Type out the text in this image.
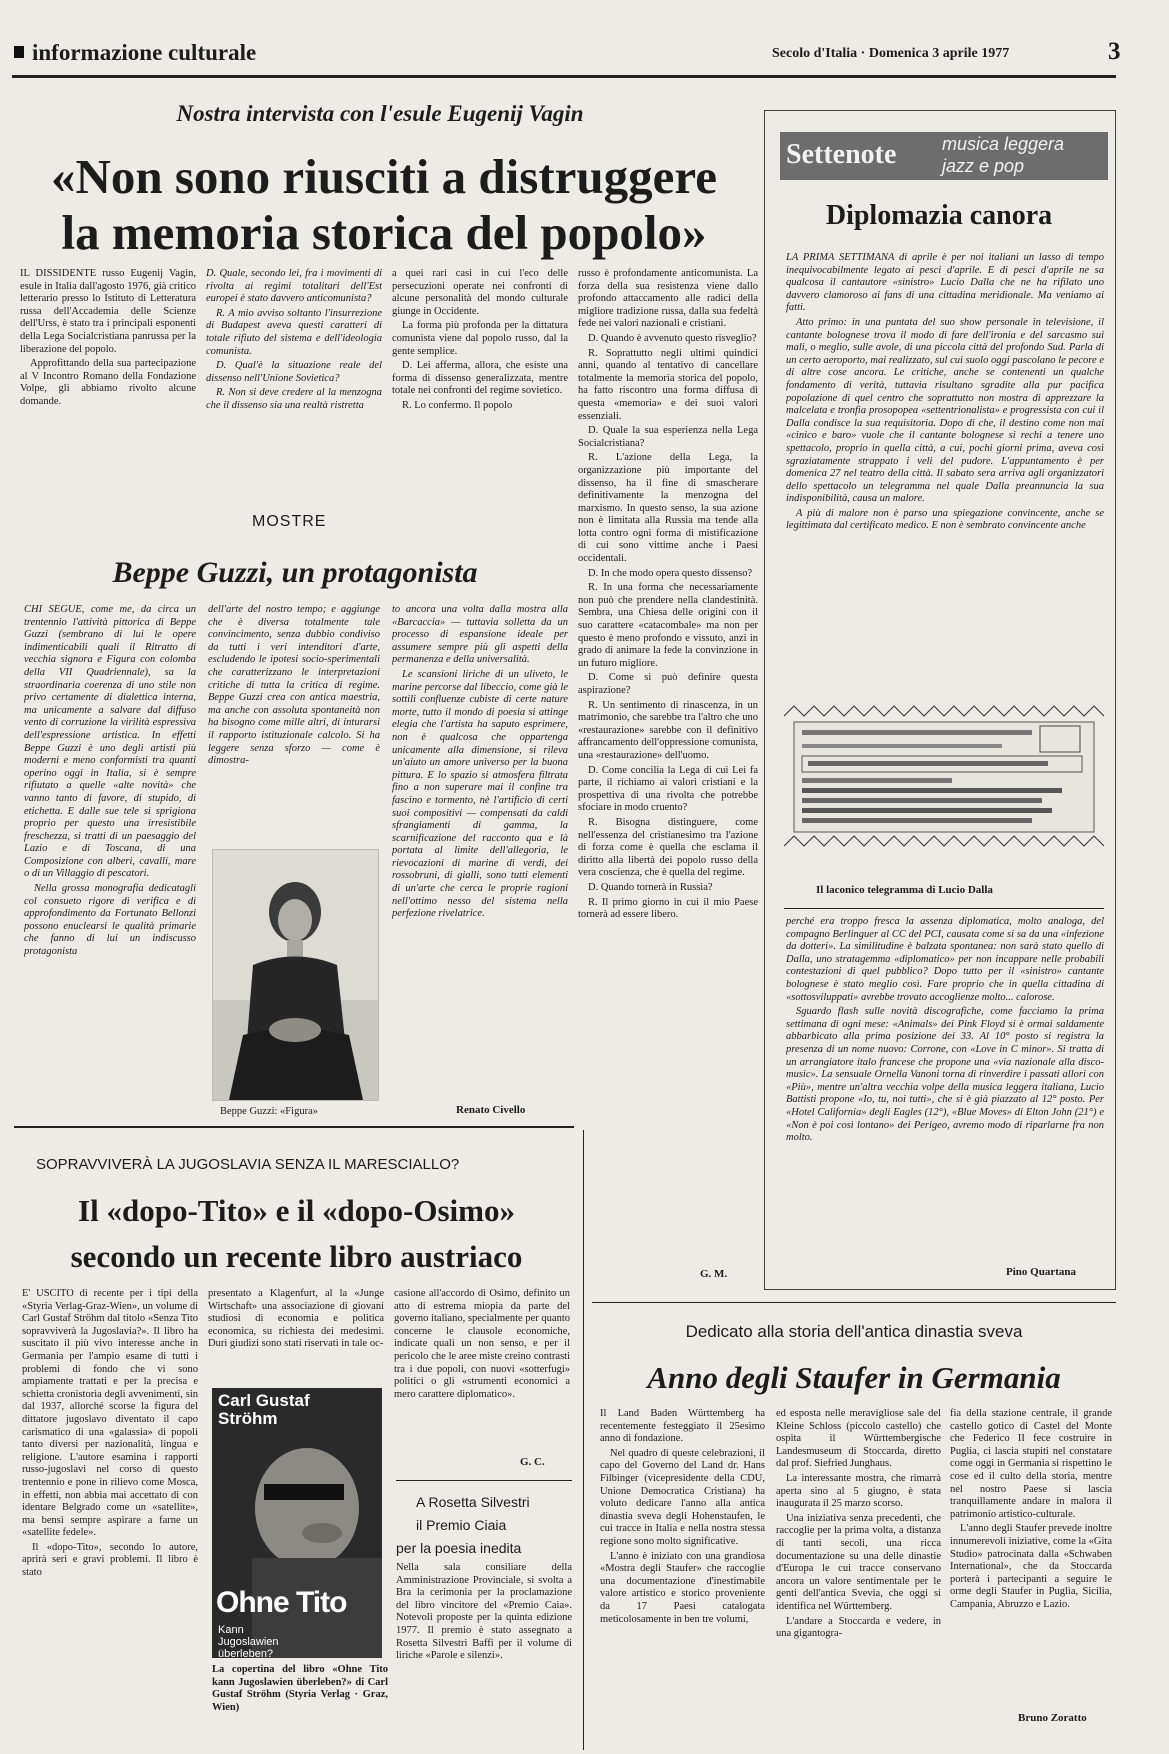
informazione culturale	Secolo d'Italia · Domenica 3 aprile 1977	3
Nostra intervista con l'esule Eugenij Vagin
«Non sono riusciti a distruggere
la memoria storica del popolo»

IL DISSIDENTE russo Eugenij Vagin, esule in Italia dall'agosto 1976, già critico letterario presso lo Istituto di Letteratura russa dell'Accademia delle Scienze dell'Urss, è stato tra i principali esponenti della Lega Socialcristiana panrussa per la liberazione del popolo.

Approfittando della sua partecipazione al V Incontro Romano della Fondazione Volpe, gli abbiamo rivolto alcune domande.

D. Quale, secondo lei, fra i movimenti di rivolta ai regimi totalitari dell'Est europei è stato davvero anticomunista?

R. A mio avviso soltanto l'insurrezione di Budapest aveva questi caratteri di totale rifiuto del sistema e dell'ideologia comunista.

D. Qual'è la situazione reale del dissenso nell'Unione Sovietica?

R. Non si deve credere al la menzogna che il dissenso sia una realtà ristretta

a quei rari casi in cui l'eco delle persecuzioni operate nei confronti di alcune personalità del mondo culturale giunge in Occidente.

La forma più profonda per la dittatura comunista viene dal popolo russo, dal la gente semplice.

D. Lei afferma, allora, che esiste una forma di dissenso generalizzata, mentre totale nei confronti del regime sovietico.

R. Lo confermo. Il popolo

russo è profondamente anticomunista. La forza della sua resistenza viene dallo profondo attaccamento alle radici della migliore tradizione russa, dalla sua fedeltà fede nei valori nazionali e cristiani.

D. Quando è avvenuto questo risveglio?

R. Soprattutto negli ultimi quindici anni, quando al tentativo di cancellare totalmente la memoria storica del popolo, ha fatto riscontro una forma diffusa di questa «memoria» e dei suoi valori essenziali.

D. Quale la sua esperienza nella Lega Socialcristiana?

R. L'azione della Lega, la organizzazione più importante del dissenso, ha il fine di smascherare definitivamente la menzogna del marxismo. In questo senso, la sua azione non è limitata alla Russia ma tende alla lotta contro ogni forma di mistificazione di cui sono vittime anche i Paesi occidentali.

D. In che modo opera questo dissenso?

R. In una forma che necessariamente non può che prendere nella clandestinità. Sembra, una Chiesa delle origini con il suo carattere «catacombale» ma non per questo è meno profondo e vissuto, anzi in grado di animare la fede la convinzione in un futuro migliore.

D. Come si può definire questa aspirazione?

R. Un sentimento di rinascenza, in un matrimonio, che sarebbe tra l'altro che uno «restaurazione» sarebbe con il definitivo affrancamento dell'oppressione comunista, una «restaurazione» dell'uomo.

D. Come concilia la Lega di cui Lei fa parte, il richiamo ai valori cristiani e la prospettiva di una rivolta che potrebbe sfociare in modo cruento?

R. Bisogna distinguere, come nell'essenza del cristianesimo tra l'azione di forza come è quella che esclama il diritto alla libertà dei popolo russo della vera coscienza, che è quella del regime.

D. Quando tornerà in Russia?

R. Il primo giorno in cui il mio Paese tornerà ad essere libero.

G. M.
MOSTRE
Beppe Guzzi, un protagonista

CHI SEGUE, come me, da circa un trentennio l'attività pittorica di Beppe Guzzi (sembrano di lui le opere indimenticabili quali il Ritratto di vecchia signora e Figura con colomba della VII Quadriennale), sa la straordinaria coerenza di uno stile non privo certamente di dialettica interna, ma unicamente a salvare dal diffuso vento di corruzione la virilità espressiva dell'espressione artistica. In effetti Beppe Guzzi è uno degli artisti più moderni e meno conformisti tra quanti operino oggi in Italia, si è sempre rifiutato a quelle «alte novità» che vanno tanto di favore, di stupido, di etichetta. E dalle sue tele si sprigiona proprio per questo una irresistibile freschezza, si tratti di un paesaggio del Lazio e di Toscana, di una Composizione con alberi, cavalli, mare o di un Villaggio di pescatori.

Nella grossa monografia dedicatagli col consueto rigore di verifica e di approfondimento da Fortunato Bellonzi possono enuclearsi le qualità primarie che fanno di lui un indiscusso protagonista

dell'arte del nostro tempo; e aggiunge che è diversa totalmente tale convincimento, senza dubbio condiviso da tutti i veri intenditori d'arte, escludendo le ipotesi socio-sperimentali che caratterizzano le interpretazioni critiche di tutta la critica di regime. Beppe Guzzi crea con antica maestria, ma anche con assoluta spontaneità non ha bisogno come mille altri, di inturarsi il rapporto istituzionale calcolo. Si ha leggere senza sforzo — come è dimostra-

to ancora una volta dalla mostra alla «Barcaccia» — tuttavia solletta da un processo di espansione ideale per assumere sempre più gli aspetti della permanenza e della universalità.

Le scansioni liriche di un uliveto, le marine percorse dal libeccio, come già le sottili confluenze cubiste di certe nature morte, tutto il mondo di poesia si attinge elegia che l'artista ha saputo esprimere, non è qualcosa che oppartenga unicamente alla dimensione, si rileva un'aiuto un amore universo per la buona pittura. E lo spazio si atmosfera filtrata fino a non superare mai il confine tra fascino e tormento, nè l'artificio di certi suoi compositivi — compensati da caldi sfrangiamenti di gamma, la scarnificazione del racconto qua e là portata al limite dell'allegoria, le rievocazioni di marine di verdi, dei rossobruni, di gialli, sono tutti elementi di un'arte che cerca le proprie ragioni nell'ottimo nesso del sistema nella perfezione rivelatrice.

Beppe Guzzi: «Figura»	Renato Civello
SOPRAVVIVERÀ LA JUGOSLAVIA SENZA IL MARESCIALLO?
Il «dopo-Tito» e il «dopo-Osimo»
secondo un recente libro austriaco

E' USCITO di recente per i tipi della «Styria Verlag-Graz-Wien», un volume di Carl Gustaf Ströhm dal titolo «Senza Tito sopravviverà la Jugoslavia?». Il libro ha suscitato il più vivo interesse anche in Germania per l'ampio esame di tutti i problemi di fondo che vi sono ampiamente trattati e per la precisa e schietta cronistoria degli avvenimenti, sin dal 1937, allorché scorse la figura del dittatore jugoslavo diventato il capo carismatico di una «galassia» di popoli tanto diversi per nazionalità, lingua e religione. L'autore esamina i rapporti russo-jugoslavi nel corso di questo trentennio e pone in rilievo come Mosca, in effetti, non abbia mai accettato di con identare Belgrado come un «satellite», ma bensì sempre aspirare a farne un «satellite fedele».

Il «dopo-Tito», secondo lo autore, aprirà seri e gravi problemi. Il libro è stato

presentato a Klagenfurt, al la «Junge Wirtschaft» una associazione di giovani studiosi di economia e politica economica, su richiesta dei medesimi. Duri giudizi sono stati riservati in tale oc-

casione all'accordo di Osimo, definito un atto di estrema miopia da parte del governo italiano, specialmente per quanto concerne le clausole economiche, indicate quali un non senso, e per il pericolo che le aree miste creino contrasti tra i due popoli, con nuovi «sotterfugi» politici o gli «strumenti economici a mero carattere diplomatico».

G. C.
Carl Gustaf Ströhm
Ohne Tito
Kann Jugoslawien überleben?
La copertina del libro «Ohne Tito kann Jugoslawien überleben?» di Carl Gustaf Ströhm (Styria Verlag · Graz, Wien)
A Rosetta Silvestri
il Premio Ciaia
per la poesia inedita
Nella sala consiliare della Amministrazione Provinciale, si svolta a Bra la cerimonia per la proclamazione del libro vincitore del «Premio Caia». Notevoli proposte per la quinta edizione 1977. Il premio è stato assegnato a Rosetta Silvestri Baffi per il volume di liriche «Parole e silenzi».
Settenote	musica leggera
jazz e pop
Diplomazia canora

LA PRIMA SETTIMANA di aprile è per noi italiani un lasso di tempo inequivocabilmente legato ai pesci d'aprile. E di pesci d'aprile ne sa qualcosa il cantautore «sinistro» Lucio Dalla che ne ha rifilato uno davvero clamoroso ai fans di una cittadina meridionale. Ma veniamo ai fatti.

Atto primo: in una puntata del suo show personale in televisione, il cantante bolognese trova il modo di fare dell'ironia e del sarcasmo sui mali, o meglio, sulle avole, di una piccola città del profondo Sud. Parla di un certo aeroporto, mai realizzato, sul cui suolo oggi pascolano le pecore e di altre cose ancora. Le critiche, anche se contenenti un qualche fondamento di verità, tuttavia risultano sgradite alla pur pacifica popolazione di quel centro che soprattutto non mostra di apprezzare la malcelata e tronfia prosopopea «settentrionalista» e progressista con cui il Dalla condisce la sua requisitoria. Dopo di che, il destino come non mai «cinico e baro» vuole che il cantante bolognese si rechi a tenere uno spettacolo, proprio in quella città, a cui, pochi giorni prima, aveva così sgraziatamente strappato i veli del pudore. L'appuntamento è per domenica 27 nel teatro della città. Il sabato sera arriva agli organizzatori dello spettacolo un telegramma nel quale Dalla preannuncia la sua indisponibilità, causa un malore.

A più di malore non è parso una spiegazione convincente, anche se legittimata dal certificato medico. E non è sembrato convincente anche

Il laconico telegramma di Lucio Dalla

perché era troppo fresca la assenza diplomatica, molto analoga, del compagno Berlinguer al CC del PCI, causata come si sa da una «infezione da dotteri». La similitudine è balzata spontanea: non sarà stato quello di Dalla, uno stratagemma «diplomatico» per non incappare nelle probabili contestazioni di quel pubblico? Dopo tutto per il «sinistro» cantante bolognese è stato meglio così. Fare proprio che in quella cittadina di «sottosviluppati» avrebbe trovato accoglienze molto... calorose.

Sguardo flash sulle novità discografiche, come facciamo la prima settimana di ogni mese: «Animals» dei Pink Floyd si è ormai saldamente abbarbicato alla prima posizione dei 33. Al 10° posto si registra la presenza di un nome nuovo: Corrone, con «Love in C minor». Si tratta di un arrangiatore italo francese che propone una «via nazionale alla disco-music». La sensuale Ornella Vanoni torna di rinverdire i passati allori con «Più», mentre un'altra vecchia volpe della musica leggera italiana, Lucio Battisti propone «Io, tu, noi tutti», che si è già piazzato al 12° posto. Per «Hotel California» degli Eagles (12°), «Blue Moves» di Elton John (21°) e «Non è poi così lontano» dei Perigeo, avremo modo di riparlarne fra non molto.

Pino Quartana
Dedicato alla storia dell'antica dinastia sveva
Anno degli Staufer in Germania

Il Land Baden Württemberg ha recentemente festeggiato il 25esimo anno di fondazione.

Nel quadro di queste celebrazioni, il capo del Governo del Land dr. Hans Filbinger (vicepresidente della CDU, Unione Democratica Cristiana) ha voluto dedicare l'anno alla antica dinastia sveva degli Hohenstaufen, le cui tracce in Italia e nella nostra stessa regione sono molto significative.

L'anno è iniziato con una grandiosa «Mostra degli Staufer» che raccoglie una documentazione d'inestimabile valore artistico e storico proveniente da 17 Paesi catalogata meticolosamente in ben tre volumi,

ed esposta nelle meravigliose sale del Kleine Schloss (piccolo castello) che ospita il Württembergische Landesmuseum di Stoccarda, diretto dal prof. Siefried Junghaus.

La interessante mostra, che rimarrà aperta sino al 5 giugno, è stata inaugurata il 25 marzo scorso.

Una iniziativa senza precedenti, che raccoglie per la prima volta, a distanza di tanti secoli, una ricca documentazione su una delle dinastie d'Europa le cui tracce conservano ancora un valore sentimentale per le genti dell'antica Svevia, che oggi si identifica nel Württemberg.

L'andare a Stoccarda e vedere, in una gigantogra-

fia della stazione centrale, il grande castello gotico di Castel del Monte che Federico II fece costruire in Puglia, ci lascia stupiti nel constatare come oggi in Germania si rispettino le cose ed il culto della storia, mentre nel nostro Paese si lascia tranquillamente andare in malora il patrimonio artistico-culturale.

L'anno degli Staufer prevede inoltre innumerevoli iniziative, come la «Gita Studio» patrocinata dalla «Schwaben International», che da Stoccarda porterà i partecipanti a seguire le orme degli Staufer in Puglia, Sicilia, Campania, Abruzzo e Lazio.

Bruno Zoratto
